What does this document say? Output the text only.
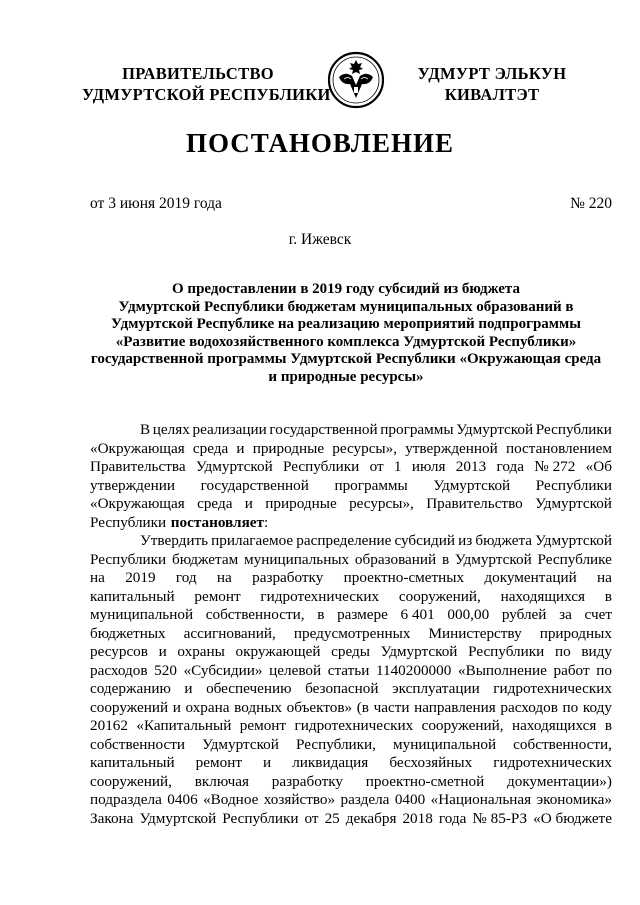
ПРАВИТЕЛЬСТВО
УДМУРТСКОЙ РЕСПУБЛИКИ
УДМУРТ ЭЛЬКУН
КИВАЛТЭТ
ПОСТАНОВЛЕНИЕ
от 3 июня 2019 года	№ 220
г. Ижевск
О предоставлении в 2019 году субсидий из бюджета
Удмуртской Республики бюджетам муниципальных образований в
Удмуртской Республике на реализацию мероприятий подпрограммы
«Развитие водохозяйственного комплекса Удмуртской Республики»
государственной программы Удмуртской Республики «Окружающая среда
и природные ресурсы»
В целях реализации государственной программы Удмуртской Республики
«Окружающая среда и природные ресурсы», утвержденной постановлением
Правительства Удмуртской Республики от 1 июля 2013 года № 272 «Об
утверждении государственной программы Удмуртской Республики
«Окружающая среда и природные ресурсы», Правительство Удмуртской
Республики постановляет:
Утвердить прилагаемое распределение субсидий из бюджета Удмуртской
Республики бюджетам муниципальных образований в Удмуртской Республике
на 2019 год на разработку проектно-сметных документаций на
капитальный ремонт гидротехнических сооружений, находящихся в
муниципальной собственности, в размере 6 401 000,00 рублей за счет
бюджетных ассигнований, предусмотренных Министерству природных
ресурсов и охраны окружающей среды Удмуртской Республики по виду
расходов 520 «Субсидии» целевой статьи 1140200000 «Выполнение работ по
содержанию и обеспечению безопасной эксплуатации гидротехнических
сооружений и охрана водных объектов» (в части направления расходов по коду
20162 «Капитальный ремонт гидротехнических сооружений, находящихся в
собственности Удмуртской Республики, муниципальной собственности,
капитальный ремонт и ликвидация бесхозяйных гидротехнических
сооружений, включая разработку проектно-сметной документации»)
подраздела 0406 «Водное хозяйство» раздела 0400 «Национальная экономика»
Закона Удмуртской Республики от 25 декабря 2018 года № 85-РЗ «О бюджете
